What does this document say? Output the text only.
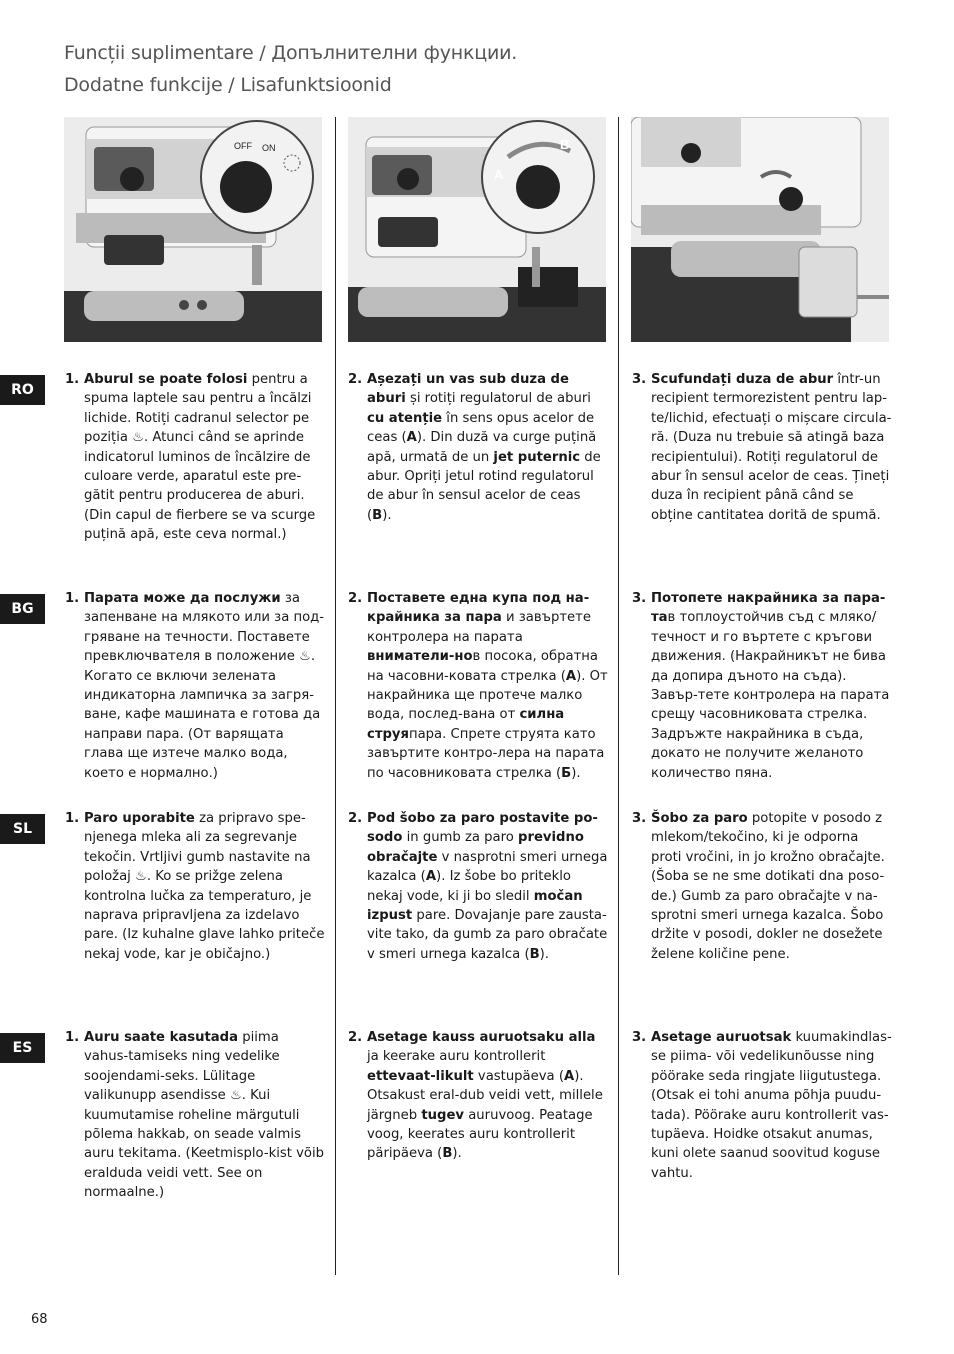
Funcții suplimentare / Допълнителни функции.
Dodatne funkcije / Lisafunktsioonid
OFF ON
A
B
RO
BG
SL
ES
1. Aburul se poate folosi pentru a spuma laptele sau pentru a încălzi lichide. Rotiți cadranul selector pe poziția ♨. Atunci când se aprinde indicatorul luminos de încălzire de culoare verde, aparatul este pre-gătit pentru producerea de aburi. (Din capul de fierbere se va scurge puțină apă, este ceva normal.)
2. Așezați un vas sub duza de aburi și rotiți regulatorul de aburi cu atenție în sens opus acelor de ceas (A). Din duză va curge puțină apă, urmată de un jet puternic de abur. Opriți jetul rotind regulatorul de abur în sensul acelor de ceas (B).
3. Scufundați duza de abur într-un recipient termorezistent pentru lap-te/lichid, efectuați o mișcare circula-ră. (Duza nu trebuie să atingă baza recipientului). Rotiți regulatorul de abur în sensul acelor de ceas. Țineți duza în recipient până când se obține cantitatea dorită de spumă.
1. Парата може да послужи за запенване на млякото или за под-гряване на течности. Поставете превключвателя в положение ♨. Когато се включи зелената индикаторна лампичка за загря-ване, кафе машината е готова да направи пара. (От варящата глава ще изтече малко вода, което е нормално.)
2. Поставете една купа под на-крайника за пара и завъртете контролера на парата вниматели-нов посока, обратна на часовни-ковата стрелка (A). От накрайника ще протече малко вода, послед-вана от силна струяпара. Спрете струята като завъртите контро-лера на парата по часовниковата стрелка (Б).
3. Потопете накрайника за пара-тав топлоустойчив съд с мляко/ течност и го въртете с кръгови движения. (Накрайникът не бива да допира дъното на съда). Завър-тете контролера на парата срещу часовниковата стрелка. Задръжте накрайника в съда, докато не получите желаното количество пяна.
1. Paro uporabite za pripravo spe-njenega mleka ali za segrevanje tekočin. Vrtljivi gumb nastavite na položaj ♨. Ko se prižge zelena kontrolna lučka za temperaturo, je naprava pripravljena za izdelavo pare. (Iz kuhalne glave lahko priteče nekaj vode, kar je običajno.)
2. Pod šobo za paro postavite po-sodo in gumb za paro previdno obračajte v nasprotni smeri urnega kazalca (A). Iz šobe bo priteklo nekaj vode, ki ji bo sledil močan izpust pare. Dovajanje pare zausta-vite tako, da gumb za paro obračate v smeri urnega kazalca (B).
3. Šobo za paro potopite v posodo z mlekom/tekočino, ki je odporna proti vročini, in jo krožno obračajte. (Šoba se ne sme dotikati dna poso-de.) Gumb za paro obračajte v na-sprotni smeri urnega kazalca. Šobo držite v posodi, dokler ne dosežete želene količine pene.
1. Auru saate kasutada piima vahus-tamiseks ning vedelike soojendami-seks. Lülitage valikunupp asendisse ♨. Kui kuumutamise roheline märgutuli põlema hakkab, on seade valmis auru tekitama. (Keetmisplo-kist võib eralduda veidi vett. See on normaalne.)
2. Asetage kauss auruotsaku alla ja keerake auru kontrollerit ettevaat-likult vastupäeva (A). Otsakust eral-dub veidi vett, millele järgneb tugev auruvoog. Peatage voog, keerates auru kontrollerit päripäeva (B).
3. Asetage auruotsak kuumakindlas-se piima- või vedelikunõusse ning pöörake seda ringjate liigutustega. (Otsak ei tohi anuma põhja puudu-tada). Pöörake auru kontrollerit vas-tupäeva. Hoidke otsakut anumas, kuni olete saanud soovitud koguse vahtu.
68
